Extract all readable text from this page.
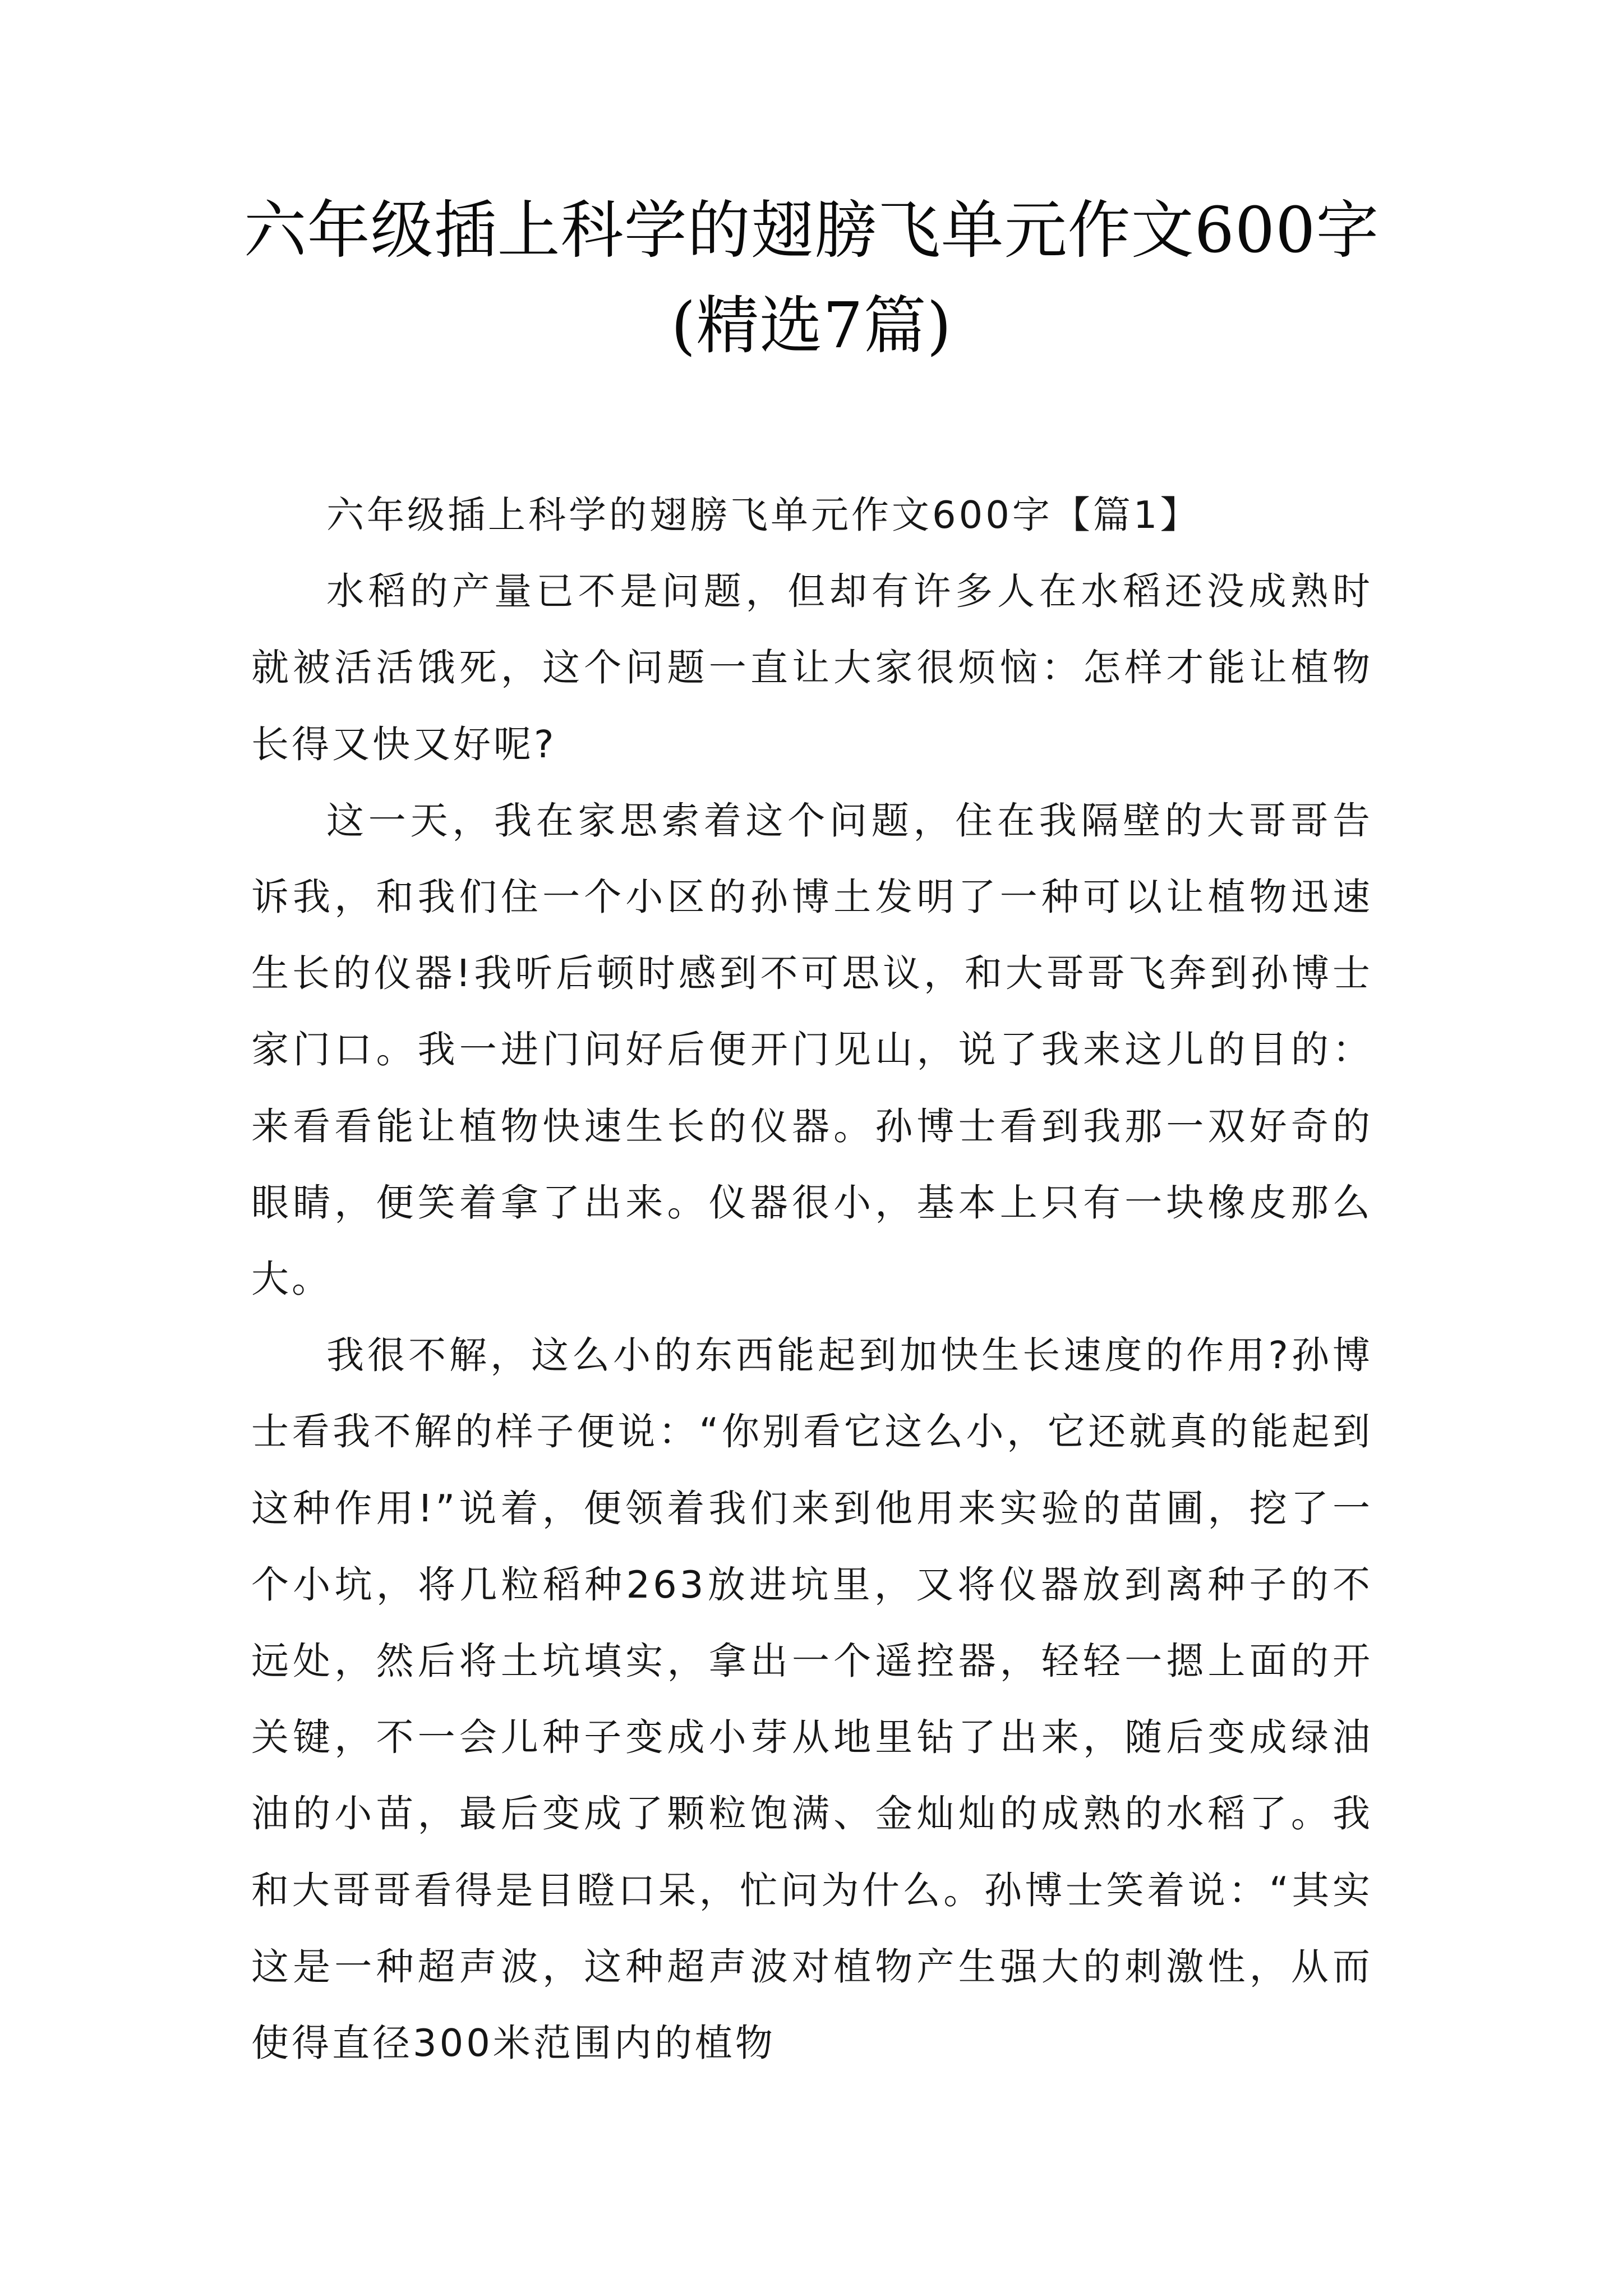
六年级插上科学的翅膀飞单元作文600字
(精选7篇)

六年级插上科学的翅膀飞单元作文600字【篇1】

水稻的产量已不是问题，但却有许多人在水稻还没成熟时就被活活饿死，这个问题一直让大家很烦恼：怎样才能让植物长得又快又好呢?

这一天，我在家思索着这个问题，住在我隔壁的大哥哥告诉我，和我们住一个小区的孙博土发明了一种可以让植物迅速生长的仪器!我听后顿时感到不可思议，和大哥哥飞奔到孙博士家门口。我一进门问好后便开门见山，说了我来这儿的目的：来看看能让植物快速生长的仪器。孙博士看到我那一双好奇的眼睛，便笑着拿了出来。仪器很小，基本上只有一块橡皮那么大。

我很不解，这么小的东西能起到加快生长速度的作用?孙博士看我不解的样子便说：“你别看它这么小，它还就真的能起到这种作用!”说着，便领着我们来到他用来实验的苗圃，挖了一个小坑，将几粒稻种263放进坑里，又将仪器放到离种子的不远处，然后将土坑填实，拿出一个遥控器，轻轻一摁上面的开关键，不一会儿种子变成小芽从地里钻了出来，随后变成绿油油的小苗，最后变成了颗粒饱满、金灿灿的成熟的水稻了。我和大哥哥看得是目瞪口呆，忙问为什么。孙博士笑着说：“其实这是一种超声波，这种超声波对植物产生强大的刺激性，从而使得直径300米范围内的植物
